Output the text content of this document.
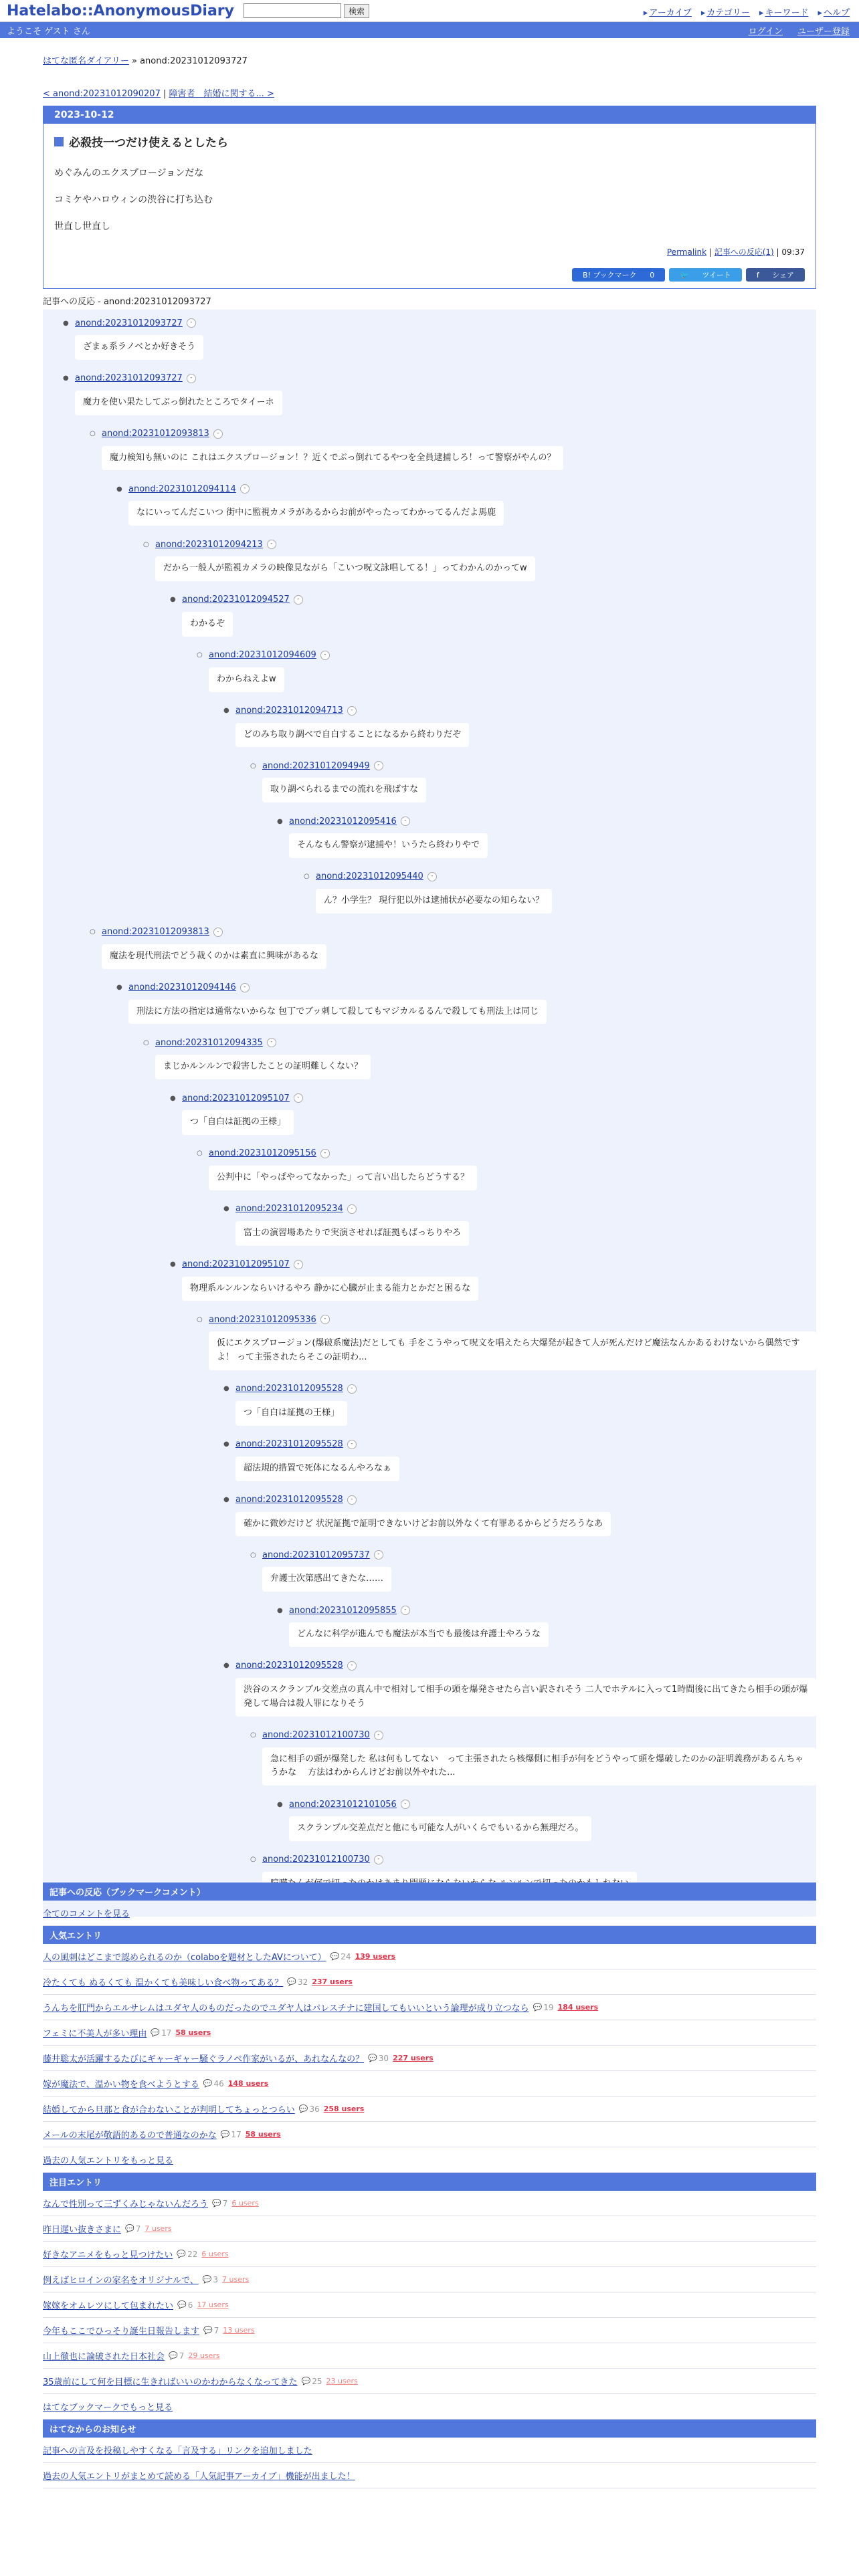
Hatelabo::AnonymousDiary	検索	▸ アーカイブ	▸ カテゴリー	▸ キーワード	▸ ヘルプ
ようこそ ゲスト さん	ログイン ユーザー登録
はてな匿名ダイアリー » anond:20231012093727
< anond:20231012090207 | 障害者　結婚に関する... >
2023-10-12
必殺技一つだけ使えるとしたら
めぐみんのエクスプロージョンだな
コミケやハロウィンの渋谷に打ち込む
世直し世直し
Permalink | 記事への反応(1) | 09:37
B! ブックマーク 0	🐦 ツイート	f シェア
記事への反応 - anond:20231012093727
● anond:20231012093727	-
ざまぁ系ラノベとか好きそう
● anond:20231012093727	-
魔力を使い果たしてぶっ倒れたところでタイーホ
○ anond:20231012093813	-
魔力検知も無いのに これはエクスプロージョン！？近くでぶっ倒れてるやつを全員逮捕しろ！って警察がやんの？
● anond:20231012094114	-
なにいってんだこいつ 街中に監視カメラがあるからお前がやったってわかってるんだよ馬鹿
○ anond:20231012094213	-
だから一般人が監視カメラの映像見ながら「こいつ呪文詠唱してる！」ってわかんのかってw
● anond:20231012094527	-
わかるぞ
○ anond:20231012094609	-
わからねえよw
● anond:20231012094713	-
どのみち取り調べで自白することになるから終わりだぞ
○ anond:20231012094949	-
取り調べられるまでの流れを飛ばすな
● anond:20231012095416	-
そんなもん警察が逮捕や！いうたら終わりやで
○ anond:20231012095440	-
ん？小学生？ 現行犯以外は逮捕状が必要なの知らない？
○ anond:20231012093813	-
魔法を現代刑法でどう裁くのかは素直に興味があるな
● anond:20231012094146	-
刑法に方法の指定は通常ないからな 包丁でブッ刺して殺してもマジカルるるんで殺しても刑法上は同じ
○ anond:20231012094335	-
まじかルンルンで殺害したことの証明難しくない？
● anond:20231012095107	-
つ「自白は証拠の王様」
○ anond:20231012095156	-
公判中に「やっぱやってなかった」って言い出したらどうする？
● anond:20231012095234	-
富士の演習場あたりで実演させれば証拠もばっちりやろ
● anond:20231012095107	-
物理系ルンルンならいけるやろ 静かに心臓が止まる能力とかだと困るな
○ anond:20231012095336	-
仮にエクスプロージョン(爆破系魔法)だとしても 手をこうやって呪文を唱えたら大爆発が起きて人が死んだけど魔法なんかあるわけないから偶然ですよ！ って主張されたらそこの証明わ...
● anond:20231012095528	-
つ「自白は証拠の王様」
● anond:20231012095528	-
超法規的措置で死体になるんやろなぁ
● anond:20231012095528	-
確かに微妙だけど 状況証拠で証明できないけどお前以外なくて有罪あるからどうだろうなあ
○ anond:20231012095737	-
弁護士次第感出てきたな……
● anond:20231012095855	-
どんなに科学が進んでも魔法が本当でも最後は弁護士やろうな
● anond:20231012095528	-
渋谷のスクランブル交差点の真ん中で相対して相手の頭を爆発させたら言い訳されそう 二人でホテルに入って1時間後に出てきたら相手の頭が爆発して場合は殺人罪になりそう
○ anond:20231012100730	-
急に相手の頭が爆発した 私は何もしてない　って主張されたら核爆側に相手が何をどうやって頭を爆破したのかの証明義務があるんちゃうかな　 方法はわからんけどお前以外やれた...
● anond:20231012101056	-
スクランブル交差点だと他にも可能な人がいくらでもいるから無理だろ。
○ anond:20231012100730	-
記事への反応（ブックマークコメント）
全てのコメントを見る
人気エントリ
人の風刺はどこまで認められるのか（colaboを題材としたAVについて）	💬 24 139 users
冷たくても ぬるくても 温かくても美味しい食べ物ってある？	💬 32 237 users
うんちを肛門からエルサレムはユダヤ人のものだったのでユダヤ人はパレスチナに建国してもいいという論理が成り立つなら	💬 19 184 users
フェミに不美人が多い理由	💬 17 58 users
藤井聡太が活躍するたびにギャーギャー騒ぐラノベ作家がいるが、あれなんなの？	💬 30 227 users
嫁が魔法で、温かい物を食べようとする	💬 46 148 users
結婚してから旦那と食が合わないことが判明してちょっとつらい	💬 36 258 users
メールの末尾が敬語的あるので普通なのかな	💬 17 58 users
過去の人気エントリをもっと見る
注目エントリ
なんで性別って三ずくみじゃないんだろう	💬 7 6 users
昨日遅い抜きさまに	💬 7 7 users
好きなアニメをもっと見つけたい	💬 22 6 users
例えばヒロインの家名をオリジナルで、	💬 3 7 users
嫁嫁をオムレツにして包まれたい	💬 6 17 users
今年もここでひっそり誕生日報告します	💬 7 13 users
山上徹也に論破された日本社会	💬 7 29 users
35歳前にして何を目標に生きればいいのかわからなくなってきた	💬 25 23 users
はてなブックマークでもっと見る
はてなからのお知らせ
記事への言及を投稿しやすくなる「言及する」リンクを追加しました
過去の人気エントリがまとめて読める「人気記事アーカイブ」機能が出ました！
